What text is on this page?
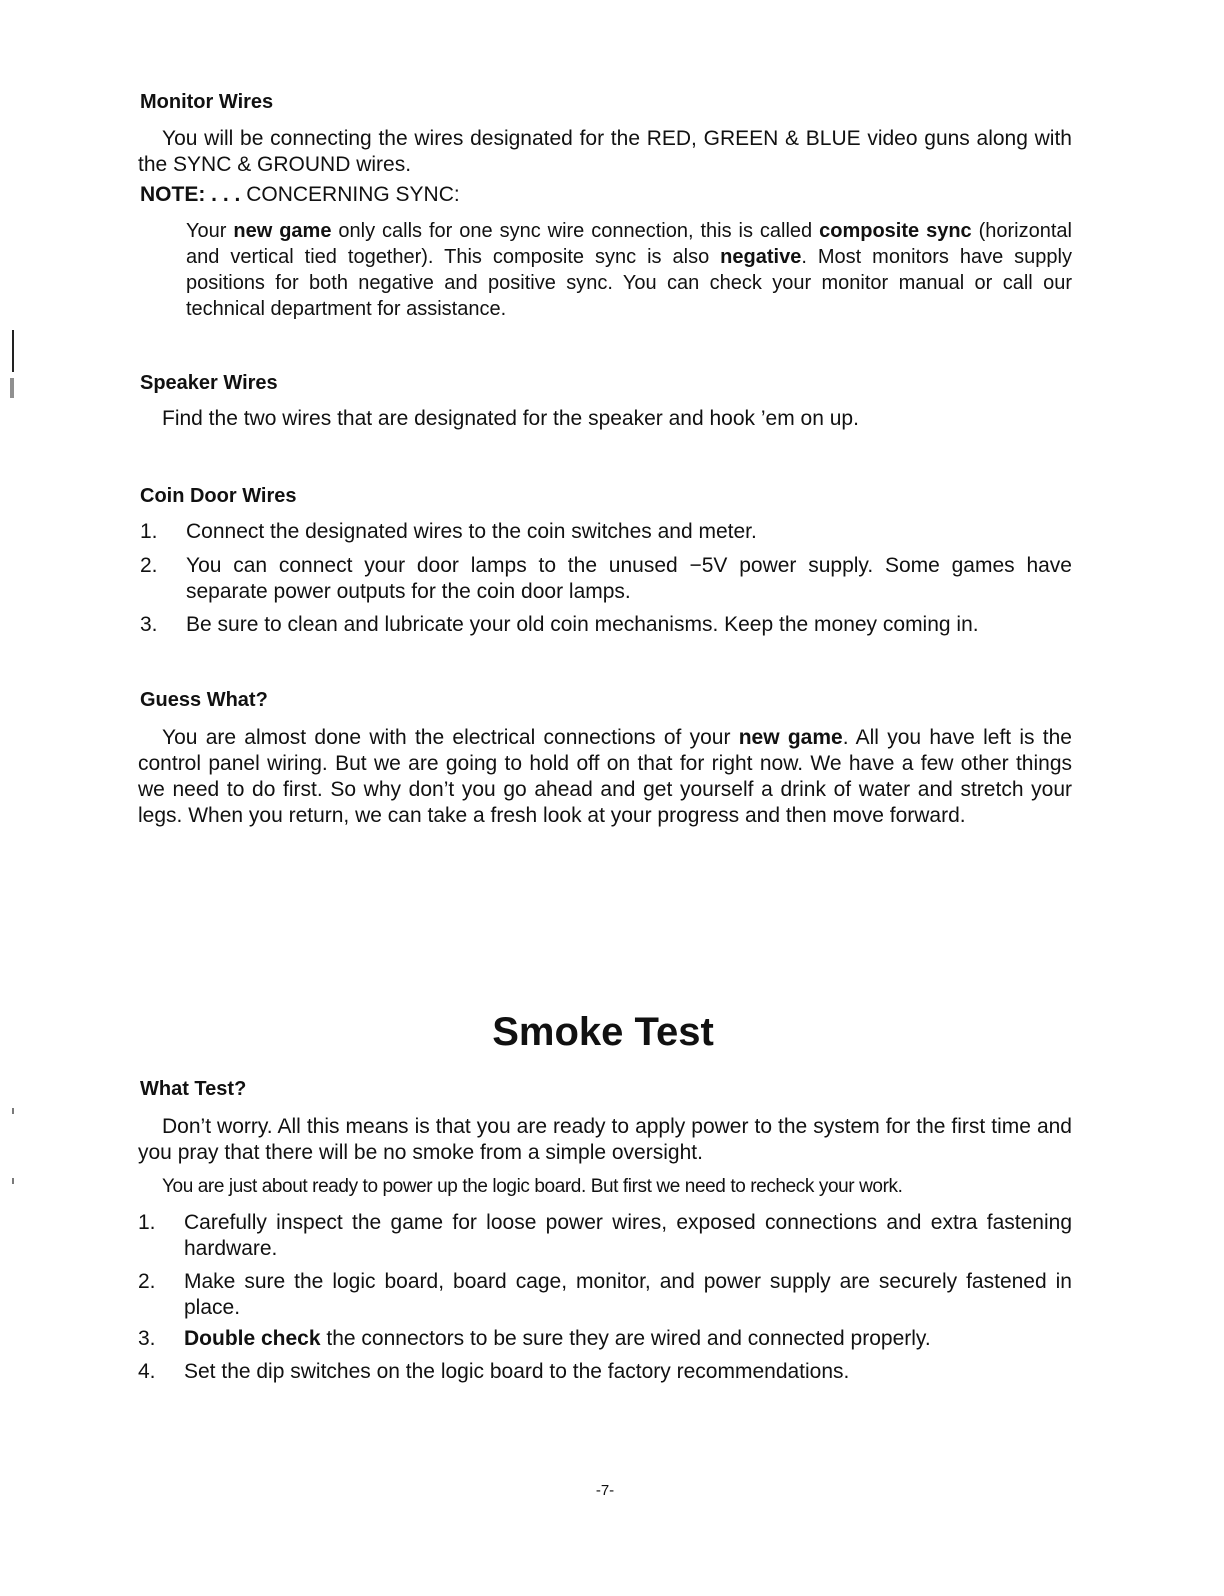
Monitor Wires
You will be connecting the wires designated for the RED, GREEN & BLUE video guns along with the SYNC & GROUND wires.
NOTE: . . . CONCERNING SYNC:
Your new game only calls for one sync wire connection, this is called composite sync (horizontal and vertical tied together). This composite sync is also negative. Most monitors have supply positions for both negative and positive sync. You can check your monitor manual or call our technical department for assistance.
Speaker Wires
Find the two wires that are designated for the speaker and hook ’em on up.
Coin Door Wires
1. Connect the designated wires to the coin switches and meter.
2. You can connect your door lamps to the unused −5V power supply. Some games have separate power outputs for the coin door lamps.
3. Be sure to clean and lubricate your old coin mechanisms. Keep the money coming in.
Guess What?
You are almost done with the electrical connections of your new game. All you have left is the control panel wiring. But we are going to hold off on that for right now. We have a few other things we need to do first. So why don’t you go ahead and get yourself a drink of water and stretch your legs. When you return, we can take a fresh look at your progress and then move forward.
Smoke Test
What Test?
Don’t worry. All this means is that you are ready to apply power to the system for the first time and you pray that there will be no smoke from a simple oversight.
You are just about ready to power up the logic board. But first we need to recheck your work.
1. Carefully inspect the game for loose power wires, exposed connections and extra fastening hardware.
2. Make sure the logic board, board cage, monitor, and power supply are securely fastened in place.
3. Double check the connectors to be sure they are wired and connected properly.
4. Set the dip switches on the logic board to the factory recommendations.
-7-
